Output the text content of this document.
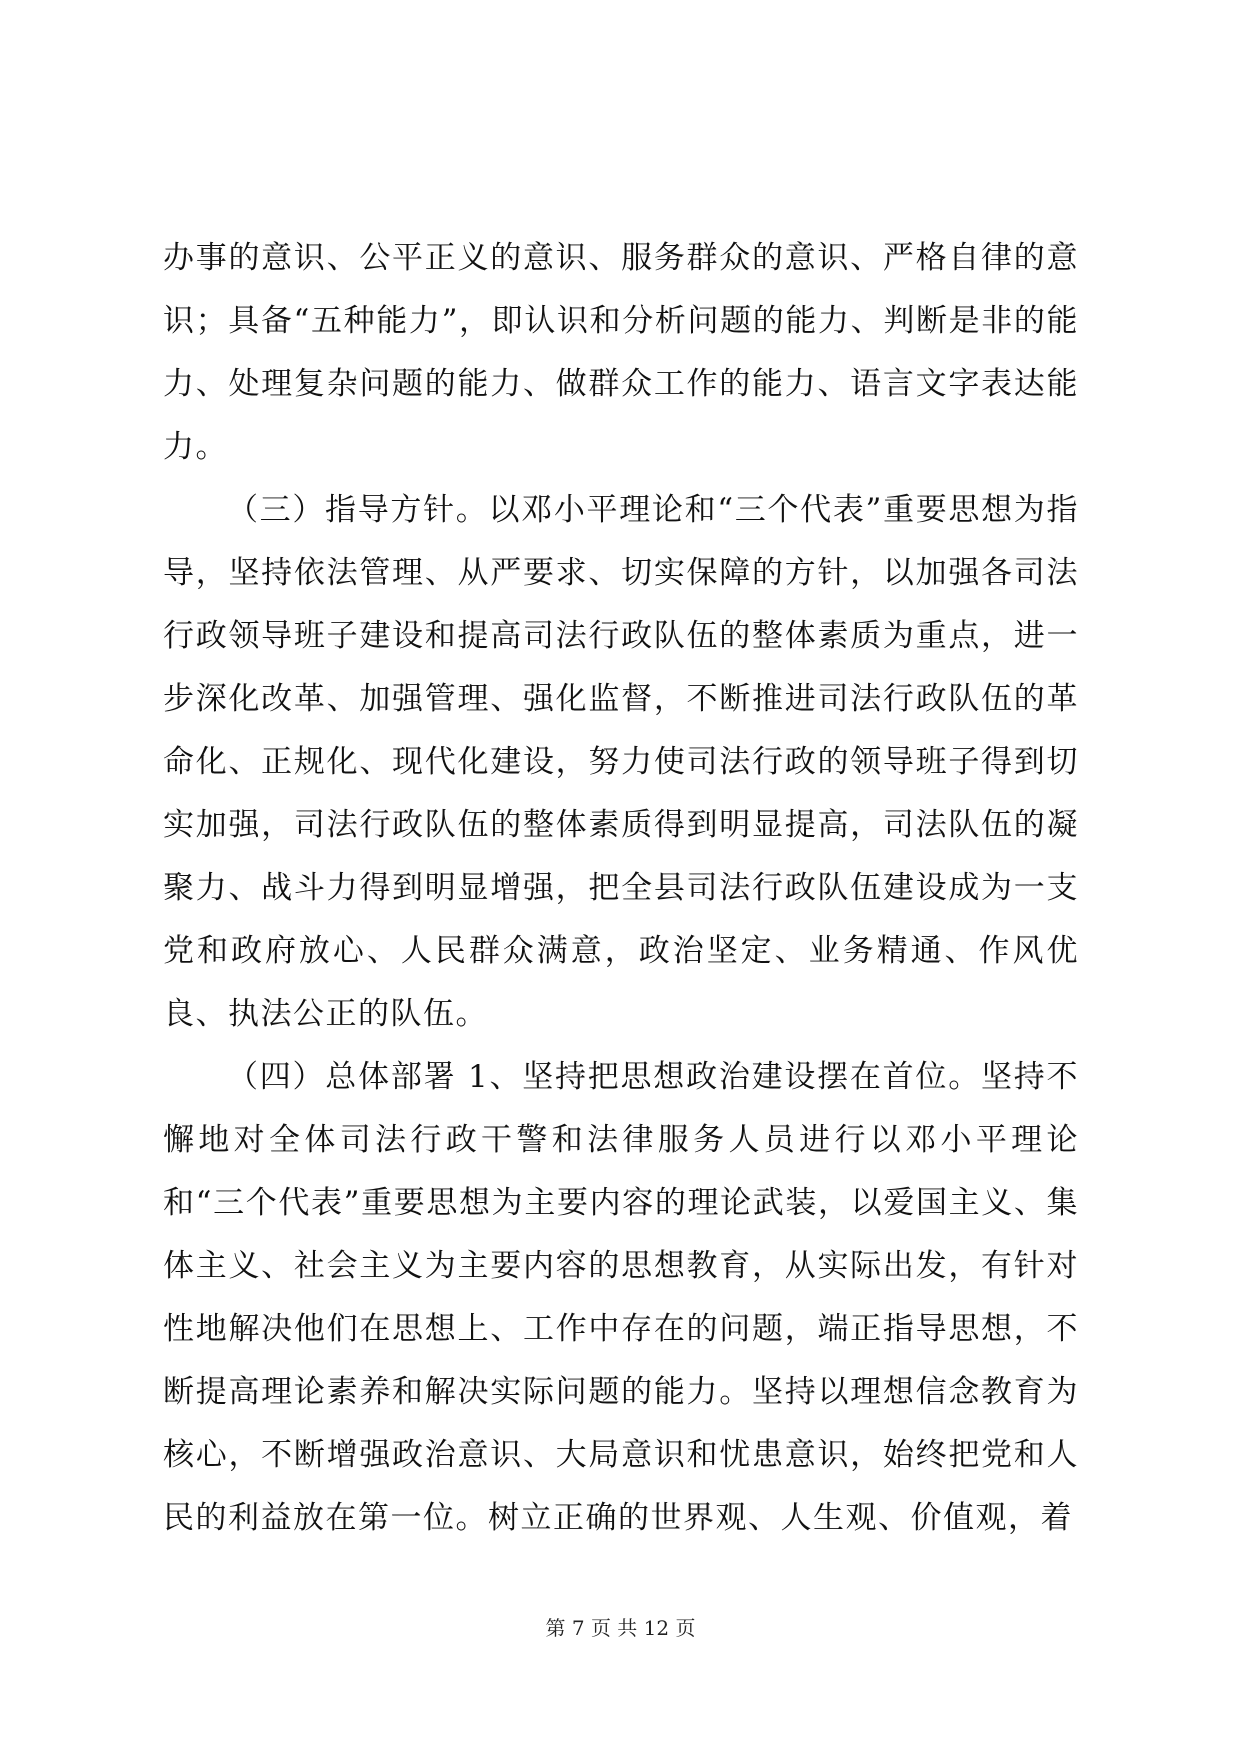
办事的意识、公平正义的意识、服务群众的意识、严格自律的意识；具备“五种能力”，即认识和分析问题的能力、判断是非的能力、处理复杂问题的能力、做群众工作的能力、语言文字表达能力。

（三）指导方针。以邓小平理论和“三个代表”重要思想为指导，坚持依法管理、从严要求、切实保障的方针，以加强各司法行政领导班子建设和提高司法行政队伍的整体素质为重点，进一步深化改革、加强管理、强化监督，不断推进司法行政队伍的革命化、正规化、现代化建设，努力使司法行政的领导班子得到切实加强，司法行政队伍的整体素质得到明显提高，司法队伍的凝聚力、战斗力得到明显增强，把全县司法行政队伍建设成为一支党和政府放心、人民群众满意，政治坚定、业务精通、作风优良、执法公正的队伍。

（四）总体部署 1、坚持把思想政治建设摆在首位。坚持不懈地对全体司法行政干警和法律服务人员进行以邓小平理论和“三个代表”重要思想为主要内容的理论武装，以爱国主义、集体主义、社会主义为主要内容的思想教育，从实际出发，有针对性地解决他们在思想上、工作中存在的问题，端正指导思想，不断提高理论素养和解决实际问题的能力。坚持以理想信念教育为核心，不断增强政治意识、大局意识和忧患意识，始终把党和人民的利益放在第一位。树立正确的世界观、人生观、价值观，着

第 7 页 共 12 页
